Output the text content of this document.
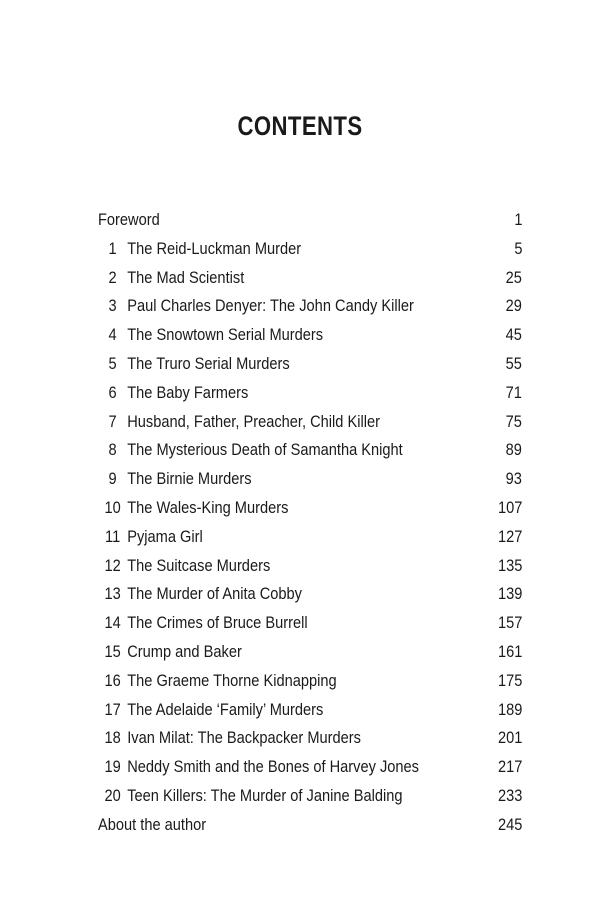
CONTENTS
Foreword	1
1 The Reid-Luckman Murder	5
2 The Mad Scientist	25
3 Paul Charles Denyer: The John Candy Killer	29
4 The Snowtown Serial Murders	45
5 The Truro Serial Murders	55
6 The Baby Farmers	71
7 Husband, Father, Preacher, Child Killer	75
8 The Mysterious Death of Samantha Knight	89
9 The Birnie Murders	93
10 The Wales-King Murders	107
11 Pyjama Girl	127
12 The Suitcase Murders	135
13 The Murder of Anita Cobby	139
14 The Crimes of Bruce Burrell	157
15 Crump and Baker	161
16 The Graeme Thorne Kidnapping	175
17 The Adelaide ‘Family’ Murders	189
18 Ivan Milat: The Backpacker Murders	201
19 Neddy Smith and the Bones of Harvey Jones	217
20 Teen Killers: The Murder of Janine Balding	233
About the author	245
